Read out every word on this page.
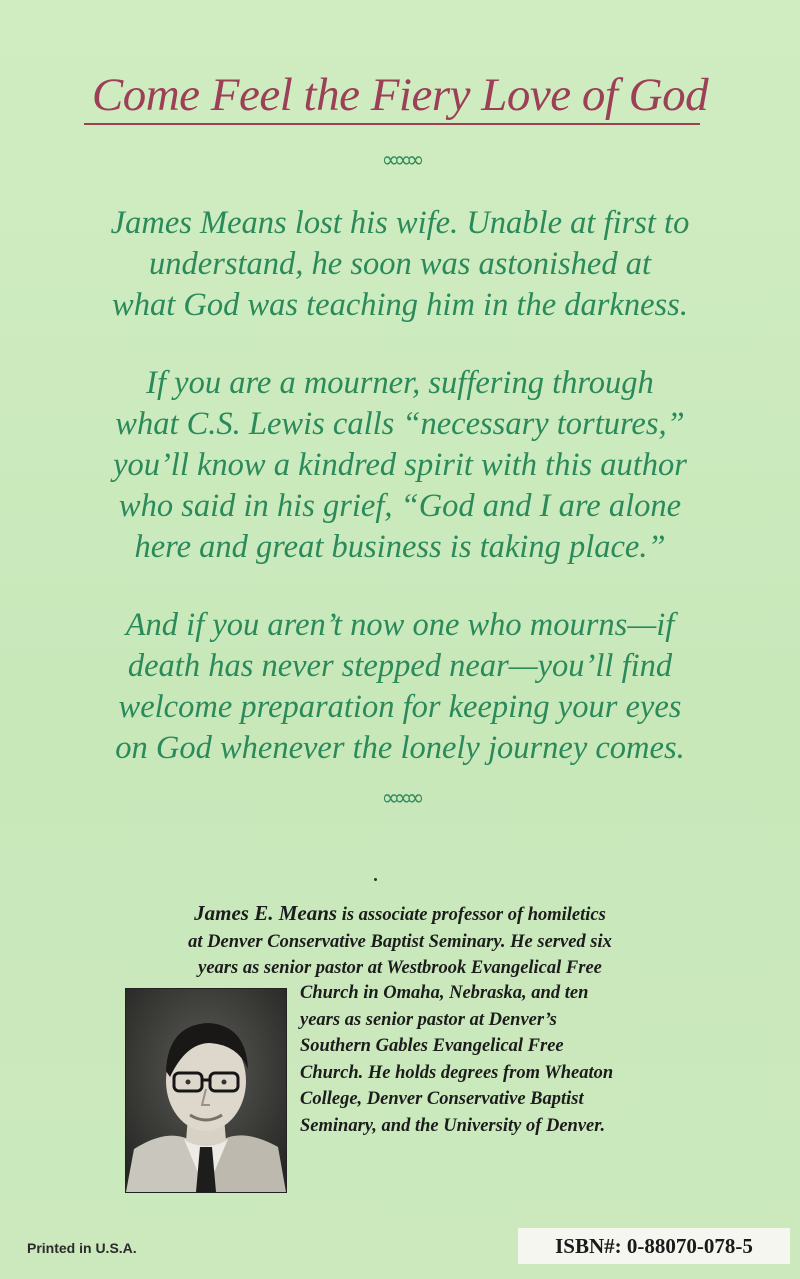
Come Feel the Fiery Love of God
∞∞∞
James Means lost his wife. Unable at first to
understand, he soon was astonished at
what God was teaching him in the darkness.
If you are a mourner, suffering through
what C.S. Lewis calls “necessary tortures,”
you’ll know a kindred spirit with this author
who said in his grief, “God and I are alone
here and great business is taking place.”
And if you aren’t now one who mourns—if
death has never stepped near—you’ll find
welcome preparation for keeping your eyes
on God whenever the lonely journey comes.
∞∞∞
James E. Means is associate professor of homiletics
at Denver Conservative Baptist Seminary. He served six
years as senior pastor at Westbrook Evangelical Free
Church in Omaha, Nebraska, and ten
years as senior pastor at Denver’s
Southern Gables Evangelical Free
Church. He holds degrees from Wheaton
College, Denver Conservative Baptist
Seminary, and the University of Denver.
Printed in U.S.A.	ISBN#: 0-88070-078-5
